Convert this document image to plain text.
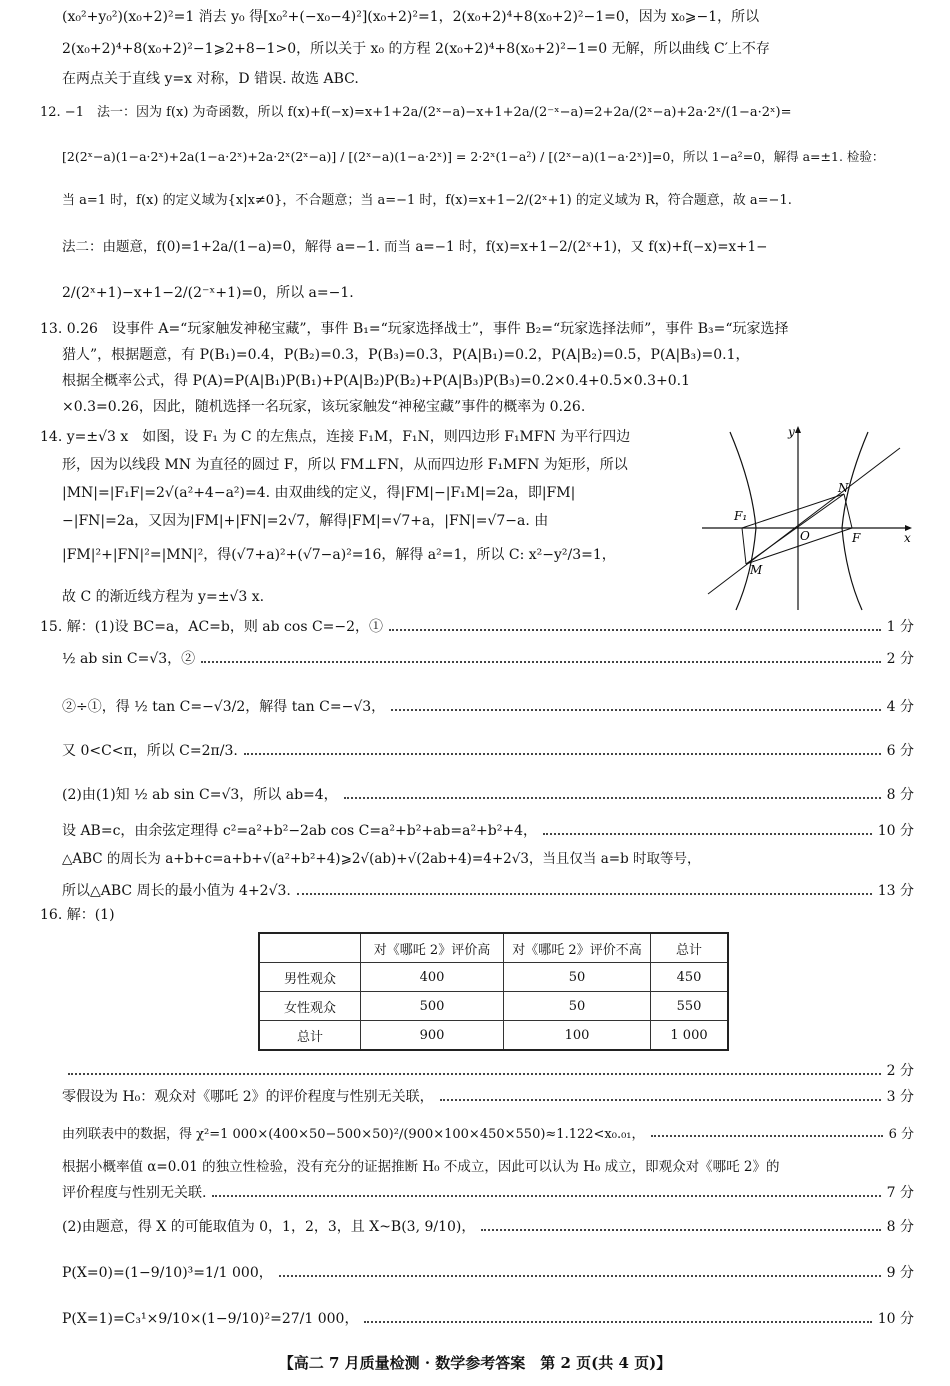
(x₀²+y₀²)(x₀+2)²=1 消去 y₀ 得[x₀²+(−x₀−4)²](x₀+2)²=1，2(x₀+2)⁴+8(x₀+2)²−1=0，因为 x₀⩾−1，所以
2(x₀+2)⁴+8(x₀+2)²−1⩾2+8−1>0，所以关于 x₀ 的方程 2(x₀+2)⁴+8(x₀+2)²−1=0 无解，所以曲线 C′上不存
在两点关于直线 y=x 对称，D 错误. 故选 ABC.
12. −1　法一：因为 f(x) 为奇函数，所以 f(x)+f(−x)=x+1+2a/(2ˣ−a)−x+1+2a/(2⁻ˣ−a)=2+2a/(2ˣ−a)+2a·2ˣ/(1−a·2ˣ)=
[2(2ˣ−a)(1−a·2ˣ)+2a(1−a·2ˣ)+2a·2ˣ(2ˣ−a)] / [(2ˣ−a)(1−a·2ˣ)] = 2·2ˣ(1−a²) / [(2ˣ−a)(1−a·2ˣ)]=0，所以 1−a²=0，解得 a=±1. 检验：
当 a=1 时，f(x) 的定义域为{x|x≠0}，不合题意；当 a=−1 时，f(x)=x+1−2/(2ˣ+1) 的定义域为 R，符合题意，故 a=−1.
法二：由题意，f(0)=1+2a/(1−a)=0，解得 a=−1. 而当 a=−1 时，f(x)=x+1−2/(2ˣ+1)，又 f(x)+f(−x)=x+1−
2/(2ˣ+1)−x+1−2/(2⁻ˣ+1)=0，所以 a=−1.
13. 0.26　设事件 A=“玩家触发神秘宝藏”，事件 B₁=“玩家选择战士”，事件 B₂=“玩家选择法师”，事件 B₃=“玩家选择
猎人”，根据题意，有 P(B₁)=0.4，P(B₂)=0.3，P(B₃)=0.3，P(A|B₁)=0.2，P(A|B₂)=0.5，P(A|B₃)=0.1，
根据全概率公式，得 P(A)=P(A|B₁)P(B₁)+P(A|B₂)P(B₂)+P(A|B₃)P(B₃)=0.2×0.4+0.5×0.3+0.1
×0.3=0.26，因此，随机选择一名玩家，该玩家触发“神秘宝藏”事件的概率为 0.26.
14. y=±√3 x　如图，设 F₁ 为 C 的左焦点，连接 F₁M，F₁N，则四边形 F₁MFN 为平行四边
形，因为以线段 MN 为直径的圆过 F，所以 FM⊥FN，从而四边形 F₁MFN 为矩形，所以
|MN|=|F₁F|=2√(a²+4−a²)=4. 由双曲线的定义，得|FM|−|F₁M|=2a，即|FM|
−|FN|=2a，又因为|FM|+|FN|=2√7，解得|FM|=√7+a，|FN|=√7−a. 由
|FM|²+|FN|²=|MN|²，得(√7+a)²+(√7−a)²=16，解得 a²=1，所以 C: x²−y²/3=1，
故 C 的渐近线方程为 y=±√3 x.
y
x
F₁
N
O	F
M
15. 解：(1)设 BC=a，AC=b，则 ab cos C=−2，①	1 分
½ ab sin C=√3，②	2 分
②÷①，得 ½ tan C=−√3/2，解得 tan C=−√3，	4 分
又 0<C<π，所以 C=2π/3.	6 分
(2)由(1)知 ½ ab sin C=√3，所以 ab=4，	8 分
设 AB=c，由余弦定理得 c²=a²+b²−2ab cos C=a²+b²+ab=a²+b²+4，	10 分
△ABC 的周长为 a+b+c=a+b+√(a²+b²+4)⩾2√(ab)+√(2ab+4)=4+2√3，当且仅当 a=b 时取等号，
所以△ABC 周长的最小值为 4+2√3.	13 分
16. 解：(1)
	对《哪吒 2》评价高	对《哪吒 2》评价不高	总计
男性观众	400	50	450
女性观众	500	50	550
总计	900	100	1 000
2 分
零假设为 H₀：观众对《哪吒 2》的评价程度与性别无关联，	3 分
由列联表中的数据，得 χ²=1 000×(400×50−500×50)²/(900×100×450×550)≈1.122<x₀.₀₁，	6 分
根据小概率值 α=0.01 的独立性检验，没有充分的证据推断 H₀ 不成立，因此可以认为 H₀ 成立，即观众对《哪吒 2》的
评价程度与性别无关联.	7 分
(2)由题意，得 X 的可能取值为 0，1，2，3，且 X~B(3, 9/10)，	8 分
P(X=0)=(1−9/10)³=1/1 000，	9 分
P(X=1)=C₃¹×9/10×(1−9/10)²=27/1 000，	10 分
【高二 7 月质量检测 · 数学参考答案　第 2 页(共 4 页)】
